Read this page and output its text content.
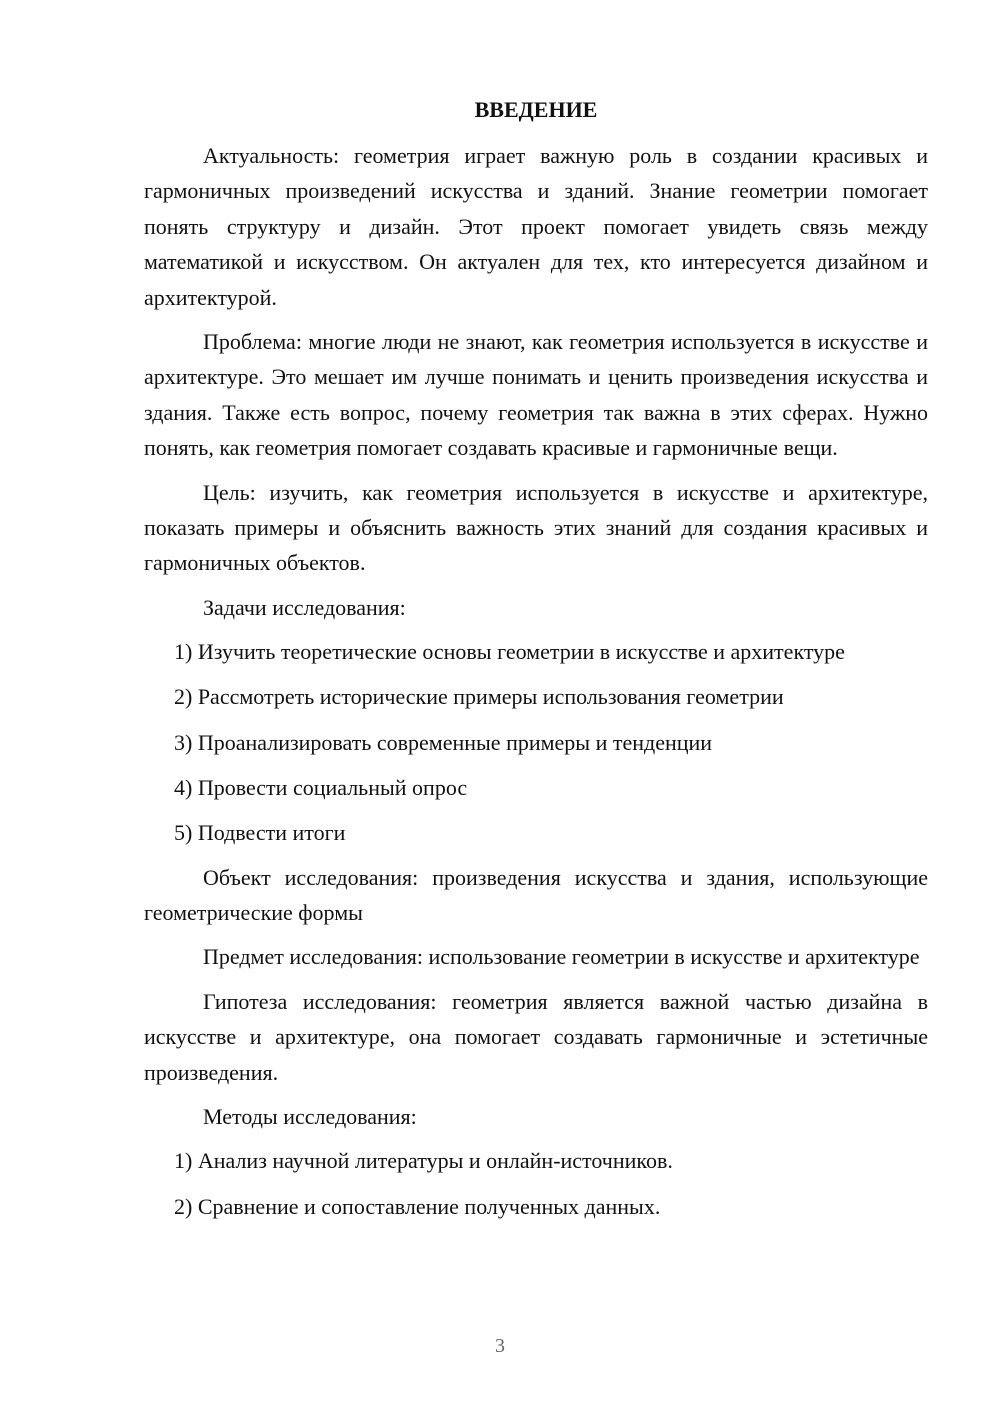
ВВЕДЕНИЕ

Актуальность: геометрия играет важную роль в создании красивых и гармоничных произведений искусства и зданий. Знание геометрии помогает понять структуру и дизайн. Этот проект помогает увидеть связь между математикой и искусством. Он актуален для тех, кто интересуется дизайном и архитектурой.

Проблема: многие люди не знают, как геометрия используется в искусстве и архитектуре. Это мешает им лучше понимать и ценить произведения искусства и здания. Также есть вопрос, почему геометрия так важна в этих сферах. Нужно понять, как геометрия помогает создавать красивые и гармоничные вещи.

Цель: изучить, как геометрия используется в искусстве и архитектуре, показать примеры и объяснить важность этих знаний для создания красивых и гармоничных объектов.

Задачи исследования:

1) Изучить теоретические основы геометрии в искусстве и архитектуре
2) Рассмотреть исторические примеры использования геометрии
3) Проанализировать современные примеры и тенденции
4) Провести социальный опрос
5) Подвести итоги

Объект исследования: произведения искусства и здания, использующие геометрические формы

Предмет исследования: использование геометрии в искусстве и архитектуре

Гипотеза исследования: геометрия является важной частью дизайна в искусстве и архитектуре, она помогает создавать гармоничные и эстетичные произведения.

Методы исследования:

1) Анализ научной литературы и онлайн-источников.
2) Сравнение и сопоставление полученных данных.
3
